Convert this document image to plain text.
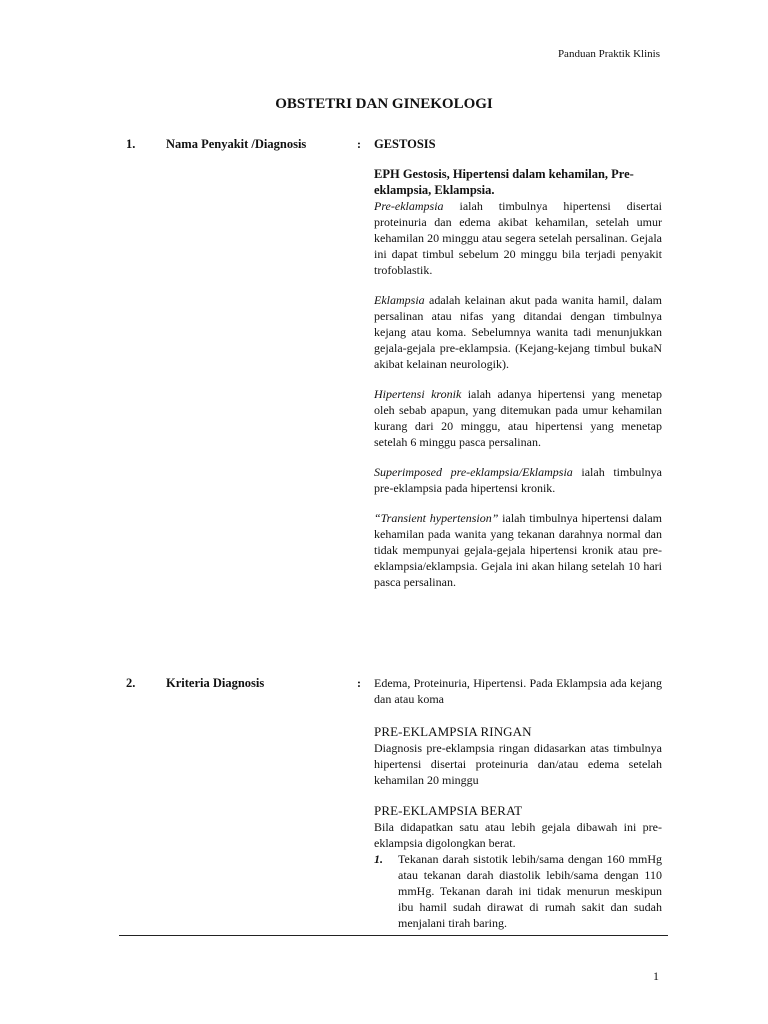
Panduan Praktik Klinis
OBSTETRI DAN GINEKOLOGI
1. Nama Penyakit /Diagnosis	: GESTOSIS
EPH Gestosis, Hipertensi dalam kehamilan, Pre-eklampsia, Eklampsia.

Pre-eklampsia ialah timbulnya hipertensi disertai proteinuria dan edema akibat kehamilan, setelah umur kehamilan 20 minggu atau segera setelah persalinan. Gejala ini dapat timbul sebelum 20 minggu bila terjadi penyakit trofoblastik.

Eklampsia adalah kelainan akut pada wanita hamil, dalam persalinan atau nifas yang ditandai dengan timbulnya kejang atau koma. Sebelumnya wanita tadi menunjukkan gejala-gejala pre-eklampsia. (Kejang-kejang timbul bukaN akibat kelainan neurologik).

Hipertensi kronik ialah adanya hipertensi yang menetap oleh sebab apapun, yang ditemukan pada umur kehamilan kurang dari 20 minggu, atau hipertensi yang menetap setelah 6 minggu pasca persalinan.

Superimposed pre-eklampsia/Eklampsia ialah timbulnya pre-eklampsia pada hipertensi kronik.

“Transient hypertension” ialah timbulnya hipertensi dalam kehamilan pada wanita yang tekanan darahnya normal dan tidak mempunyai gejala-gejala hipertensi kronik atau pre-eklampsia/eklampsia. Gejala ini akan hilang setelah 10 hari pasca persalinan.

2. Kriteria Diagnosis	: Edema, Proteinuria, Hipertensi. Pada Eklampsia ada kejang dan atau koma

PRE-EKLAMPSIA RINGAN

Diagnosis pre-eklampsia ringan didasarkan atas timbulnya hipertensi disertai proteinuria dan/atau edema setelah kehamilan 20 minggu

PRE-EKLAMPSIA BERAT

Bila didapatkan satu atau lebih gejala dibawah ini pre-eklampsia digolongkan berat.

1. Tekanan darah sistotik lebih/sama dengan 160 mmHg atau tekanan darah diastolik lebih/sama dengan 110 mmHg. Tekanan darah ini tidak menurun meskipun ibu hamil sudah dirawat di rumah sakit dan sudah menjalani tirah baring.
1
